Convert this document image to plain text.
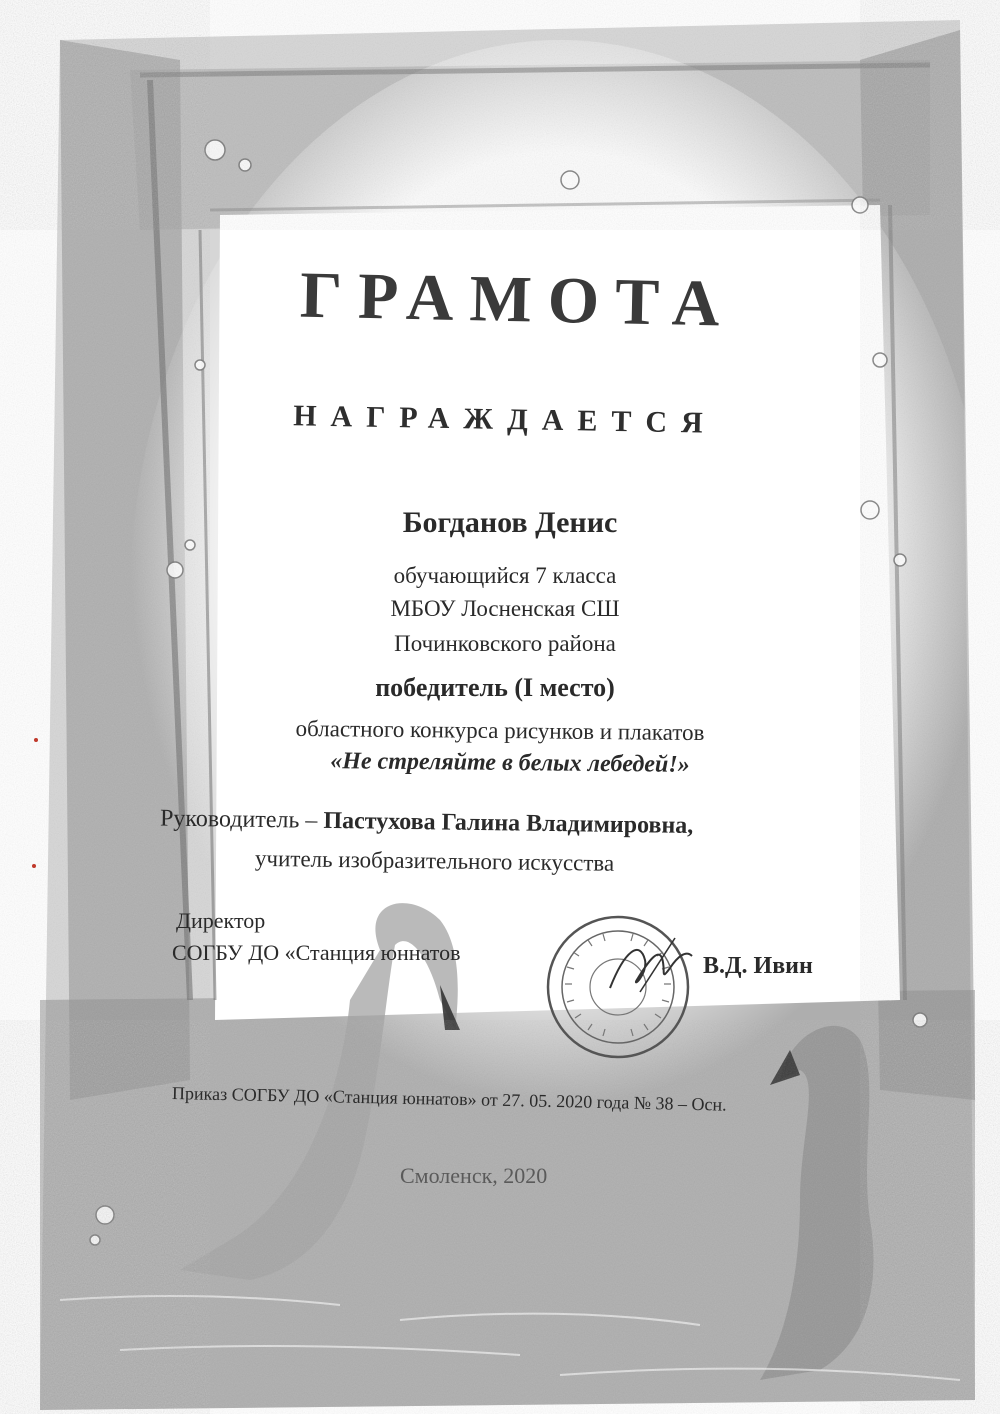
ГРАМОТА
НАГРАЖДАЕТСЯ
Богданов Денис
обучающийся 7 класса
МБОУ Лосненская СШ
Починковского района
победитель (I место)
областного конкурса рисунков и плакатов
«Не стреляйте в белых лебедей!»
Руководитель – Пастухова Галина Владимировна,
учитель изобразительного искусства
Директор
СОГБУ ДО «Станция юннатов
В.Д. Ивин
Приказ СОГБУ ДО «Станция юннатов» от 27. 05. 2020 года № 38 – Осн.
Смоленск, 2020
